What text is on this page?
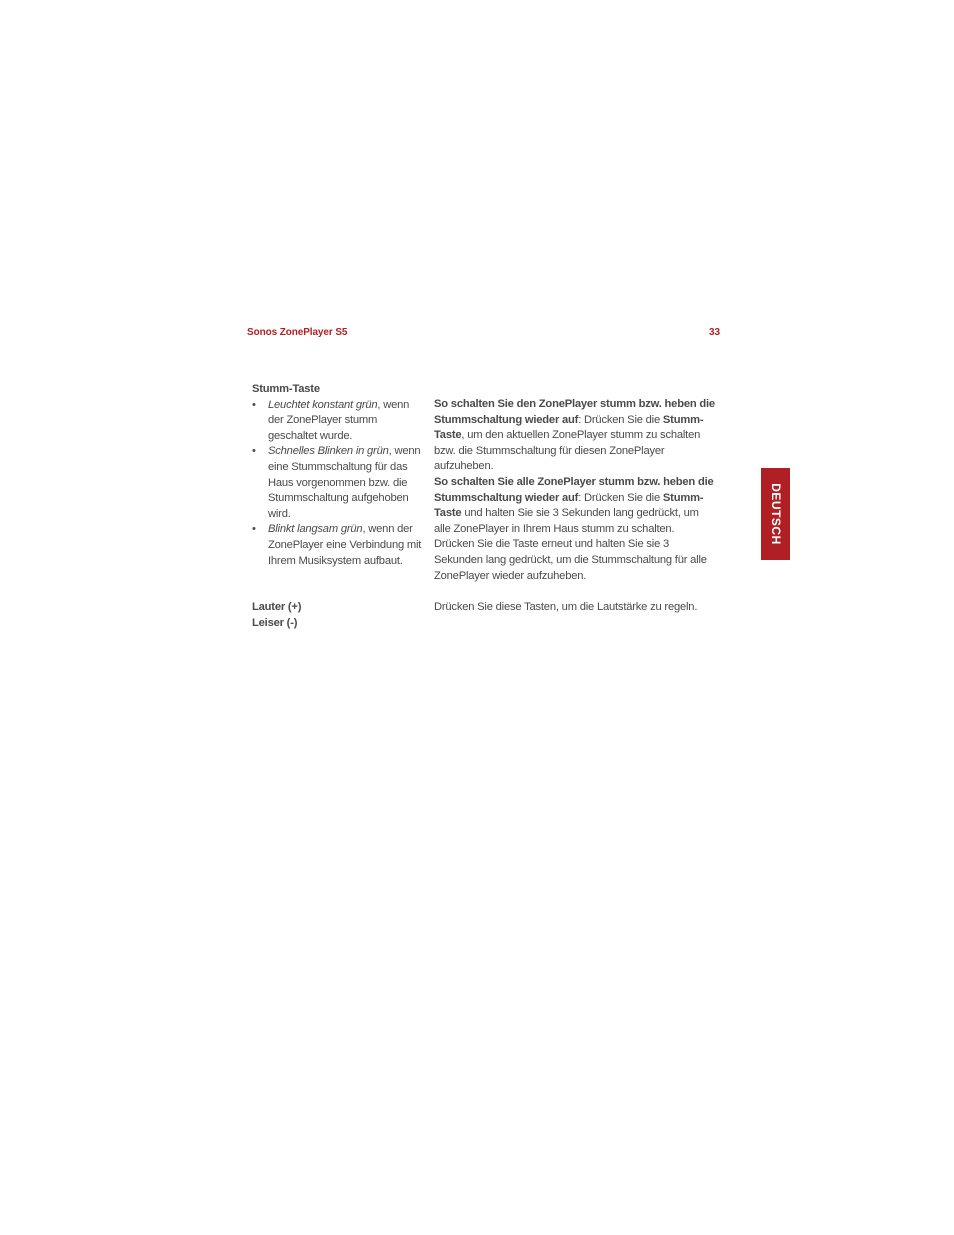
Sonos ZonePlayer S5	33
Stumm-Taste
• Leuchtet konstant grün, wenn der ZonePlayer stumm geschaltet wurde.
• Schnelles Blinken in grün, wenn eine Stummschaltung für das Haus vorgenommen bzw. die Stummschaltung aufgehoben wird.
• Blinkt langsam grün, wenn der ZonePlayer eine Verbindung mit Ihrem Musiksystem aufbaut.
So schalten Sie den ZonePlayer stumm bzw. heben die Stummschaltung wieder auf: Drücken Sie die Stumm-Taste, um den aktuellen ZonePlayer stumm zu schalten bzw. die Stummschaltung für diesen ZonePlayer aufzuheben.
So schalten Sie alle ZonePlayer stumm bzw. heben die Stummschaltung wieder auf: Drücken Sie die Stumm-Taste und halten Sie sie 3 Sekunden lang gedrückt, um alle ZonePlayer in Ihrem Haus stumm zu schalten. Drücken Sie die Taste erneut und halten Sie sie 3 Sekunden lang gedrückt, um die Stummschaltung für alle ZonePlayer wieder aufzuheben.
Lauter (+)
Leiser (-)
Drücken Sie diese Tasten, um die Lautstärke zu regeln.
DEUTSCH
